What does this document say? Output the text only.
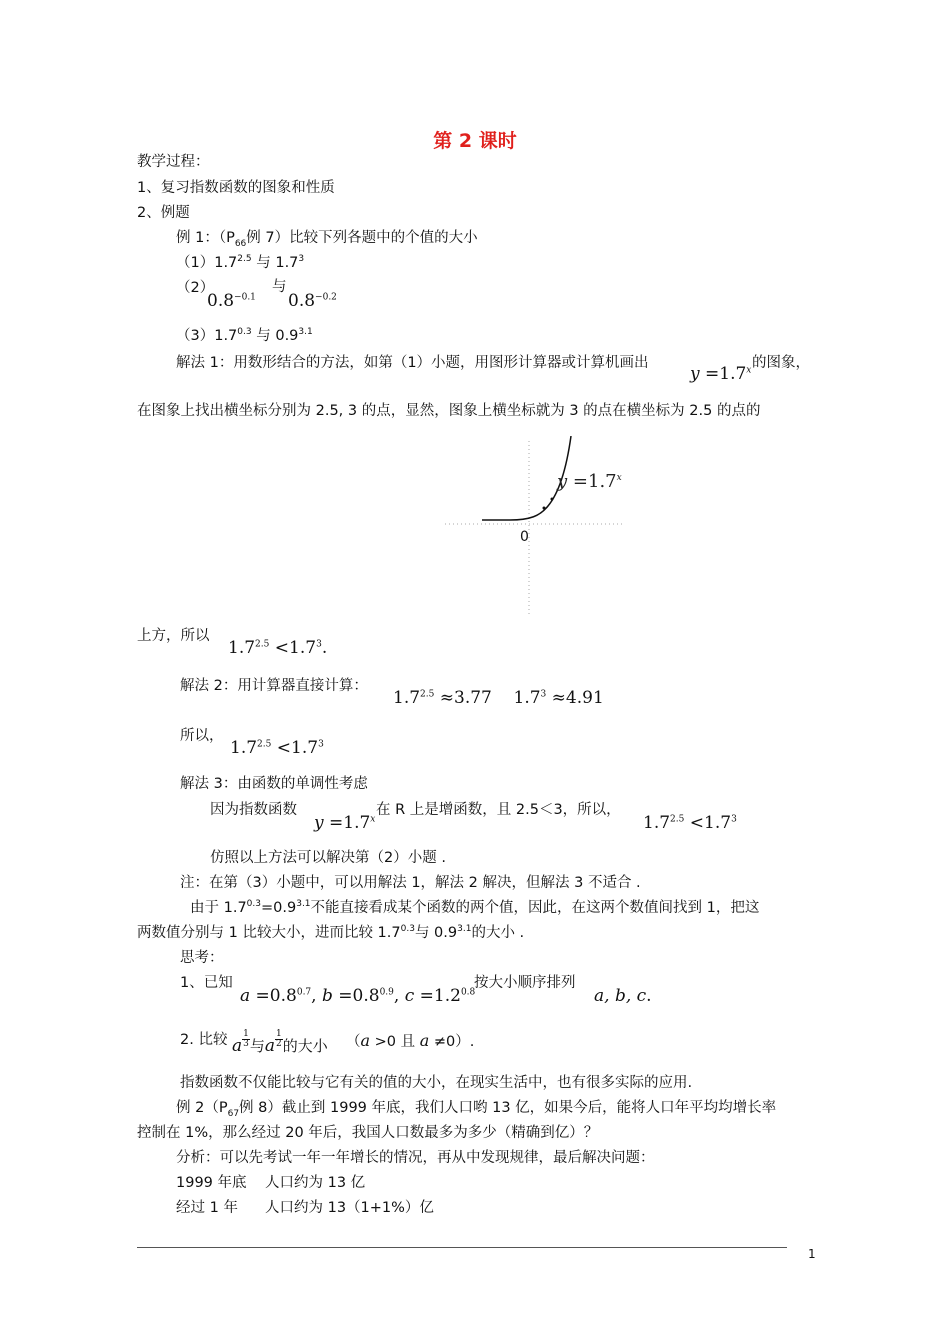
第 2 课时
教学过程：
1、复习指数函数的图象和性质
2、例题
例 1：（$P_{66}$例 7）比较下列各题中的个值的大小
$(1)1.7^{2.5}$ 与 $1.7^3$
（2）
$0.8^{-0.1}$
与
$0.8^{-0.2}$
$(3)1.7^{0.3}$ 与 $0.9^{3.1}$
解法 1：用数形结合的方法，如第（1）小题，用图形计算器或计算机画出
$y =1.7^x$ 的图象，
在图象上找出横坐标分别为 2.5, 3 的点，显然，图象上横坐标就为 3 的点在横坐标为 2.5 的点的
$y =1.7^x$
0
上方，所以
$1.7^{2.5} <1.7^3$.
解法 2：用计算器直接计算：
$1.7^{2.5} \approx 3.77$ $1.7^3 \approx 4.91$
所以，
$1.7^{2.5} <1.7^3$
解法 3：由函数的单调性考虑
因为指数函数
$y =1.7^x$
在 R 上是增函数，且 2.5＜3，所以，
$1.7^{2.5} <1.7^3$
仿照以上方法可以解决第（2）小题 .
注：在第（3）小题中，可以用解法 1，解法 2 解决，但解法 3 不适合 .
由于 $1.7^{0.3}=0.9^{3.1}$不能直接看成某个函数的两个值，因此，在这两个数值间找到 1，把这
两数值分别与 1 比较大小，进而比较 $1.7^{0.3}$与 $0.9^{3.1}$的大小 .
思考：
1、已知
$a =0.8^{0.7}$, $b =0.8^{0.9}$, $c =1.2^{0.8}$
按大小顺序排列
a, b, c.
2. 比较 a $\frac{1}{3}$与a $\frac{1}{2}$的大小 （a >0 且 a ≠0）.
指数函数不仅能比较与它有关的值的大小，在现实生活中，也有很多实际的应用.
例 $2(P_{67}$例 8）截止到 1999 年底，我们人口哟 13 亿，如果今后，能将人口年平均均增长率
控制在 1%，那么经过 20 年后，我国人口数最多为多少（精确到亿）？
分析：可以先考试一年一年增长的情况，再从中发现规律，最后解决问题：
1999 年底 人口约为 13 亿
经过 1 年 人口约为 13（1+1%）亿
1
